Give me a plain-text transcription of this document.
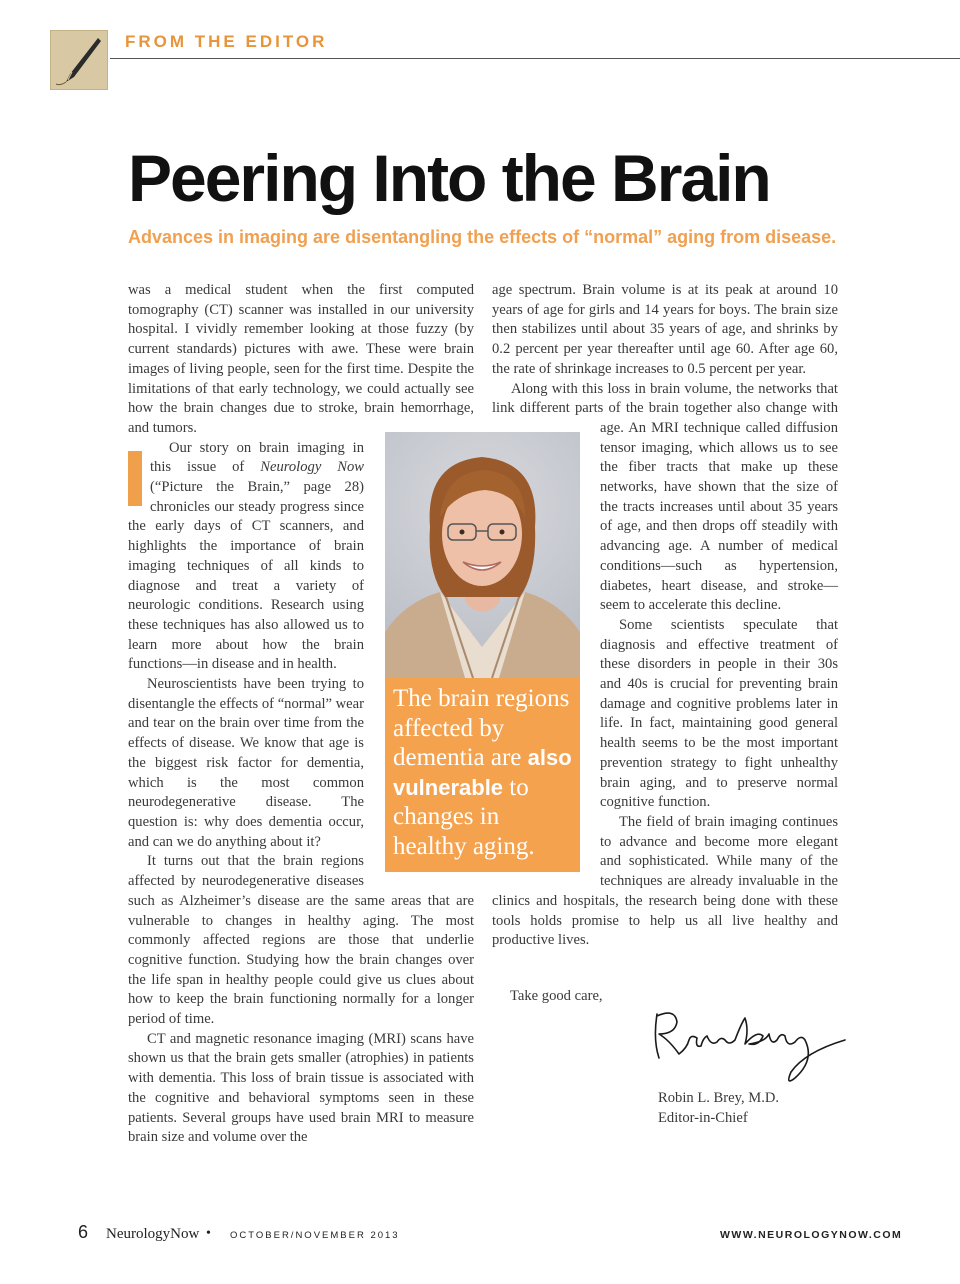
FROM THE EDITOR
Peering Into the Brain
Advances in imaging are disentangling the effects of “normal” aging from disease.

was a medical student when the first computed tomography (CT) scanner was installed in our university hospital. I vividly remember looking at those fuzzy (by current standards) pictures with awe. These were brain images of living people, seen for the first time. Despite the limitations of that early technology, we could actually see how the brain changes due to stroke, brain hemorrhage, and tumors.

Our story on brain imaging in this issue of Neurology Now (“Picture the Brain,” page 28) chronicles our steady progress since the early days of CT scanners, and highlights the importance of brain imaging techniques of all kinds to diagnose and treat a variety of neurologic conditions. Research using these techniques has also allowed us to learn more about how the brain functions—in disease and in health.

Neuroscientists have been trying to disentangle the effects of “normal” wear and tear on the brain over time from the effects of disease. We know that age is the biggest risk factor for dementia, which is the most common neurodegenerative disease. The question is: why does dementia occur, and can we do anything about it?

It turns out that the brain regions affected by neurodegenerative diseases such as Alzheimer’s disease are the same areas that are vulnerable to changes in healthy aging. The most commonly affected regions are those that underlie cognitive function. Studying how the brain changes over the life span in healthy people could give us clues about how to keep the brain functioning normally for a longer period of time.

CT and magnetic resonance imaging (MRI) scans have shown us that the brain gets smaller (atrophies) in patients with dementia. This loss of brain tissue is associated with the cognitive and behavioral symptoms seen in these patients. Several groups have used brain MRI to measure brain size and volume over the

age spectrum. Brain volume is at its peak at around 10 years of age for girls and 14 years for boys. The brain size then stabilizes until about 35 years of age, and shrinks by 0.2 percent per year thereafter until age 60. After age 60, the rate of shrinkage increases to 0.5 percent per year.

Along with this loss in brain volume, the networks that link different parts of the brain together also change with age. An MRI technique called diffusion tensor imaging, which allows us to see the fiber tracts that make up these networks, have shown that the size of the tracts increases until about 35 years of age, and then drops off steadily with advancing age. A number of medical conditions—such as hypertension, diabetes, heart disease, and stroke—seem to accelerate this decline.

Some scientists speculate that diagnosis and effective treatment of these disorders in people in their 30s and 40s is crucial for preventing brain damage and cognitive problems later in life. In fact, maintaining good general health seems to be the most important prevention strategy to fight unhealthy brain aging, and to preserve normal cognitive function.

The field of brain imaging continues to advance and become more elegant and sophisticated. While many of the techniques are already invaluable in the clinics and hospitals, the research being done with these tools holds promise to help us all live healthy and productive lives.

The brain regions affected by dementia are also vulnerable to changes in healthy aging.
Take good care,
Robin L. Brey, M.D.
Editor-in-Chief
6 NeurologyNow • OCTOBER/NOVEMBER 2013	WWW.NEUROLOGYNOW.COM
